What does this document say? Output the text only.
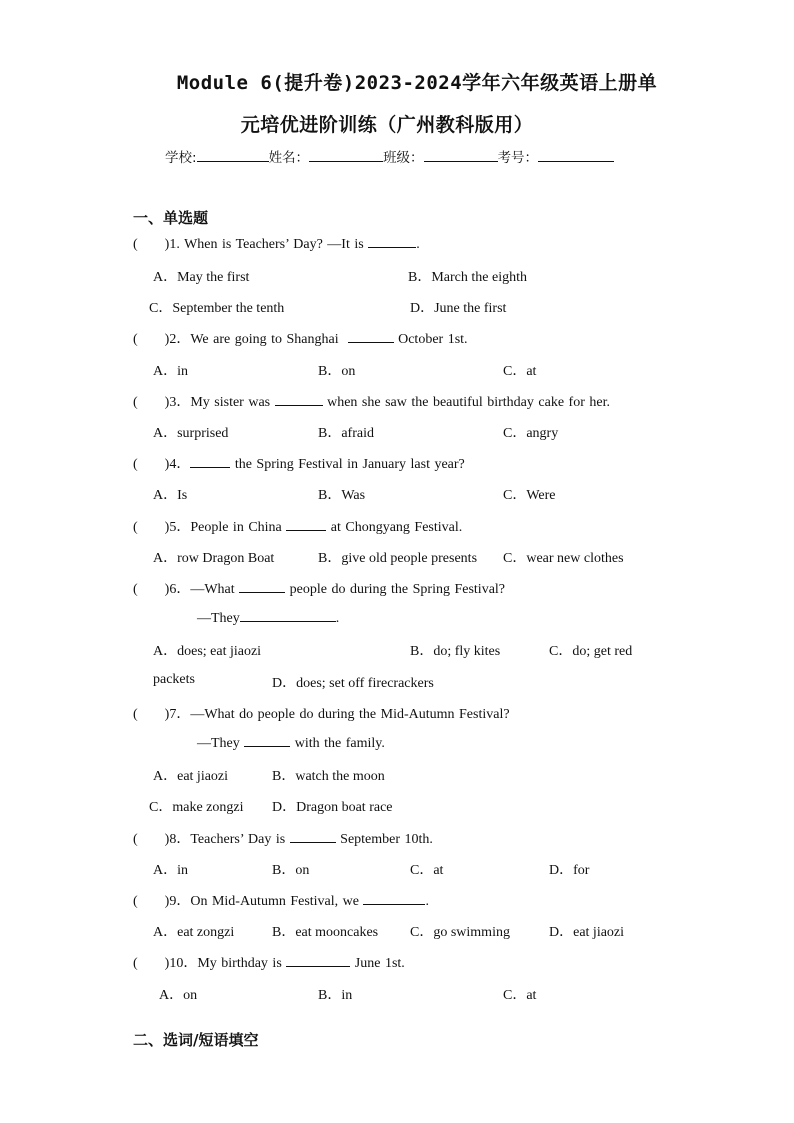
Module 6(提升卷)2023-2024学年六年级英语上册单
元培优进阶训练（广州教科版用）
学校:	姓名：	班级：	考号：
一、单选题
(      )1. When is Teachers’ Day? —It is	.
A．May the first	B．March the eighth
C．September the tenth	D．June the first
(      )2．We are going to Shanghai	October 1st.
A．in	B．on	C．at
(      )3．My sister was	when she saw the beautiful birthday cake for her.
A．surprised	B．afraid	C．angry
(      )4．	the Spring Festival in January last year?
A．Is	B．Was	C．Were
(      )5．People in China	at Chongyang Festival.
A．row Dragon Boat	B．give old people presents C．wear new clothes
(      )6．—What	people do during the Spring Festival?
—They	.
A．does; eat jiaozi	B．do; fly kites	C．do; get red
packets	D．does; set off firecrackers
(      )7．—What do people do during the Mid-Autumn Festival?
—They	with the family.
A．eat jiaozi	B．watch the moon
C．make zongzi D．Dragon boat race
(      )8．Teachers’ Day is	September 10th.
A．in	B．on	C．at	D．for
(      )9．On Mid-Autumn Festival, we	.
A．eat zongzi	B．eat mooncakes C．go swimming	D．eat jiaozi
(      )10．My birthday is	June 1st.
A．on	B．in	C．at
二、选词/短语填空
